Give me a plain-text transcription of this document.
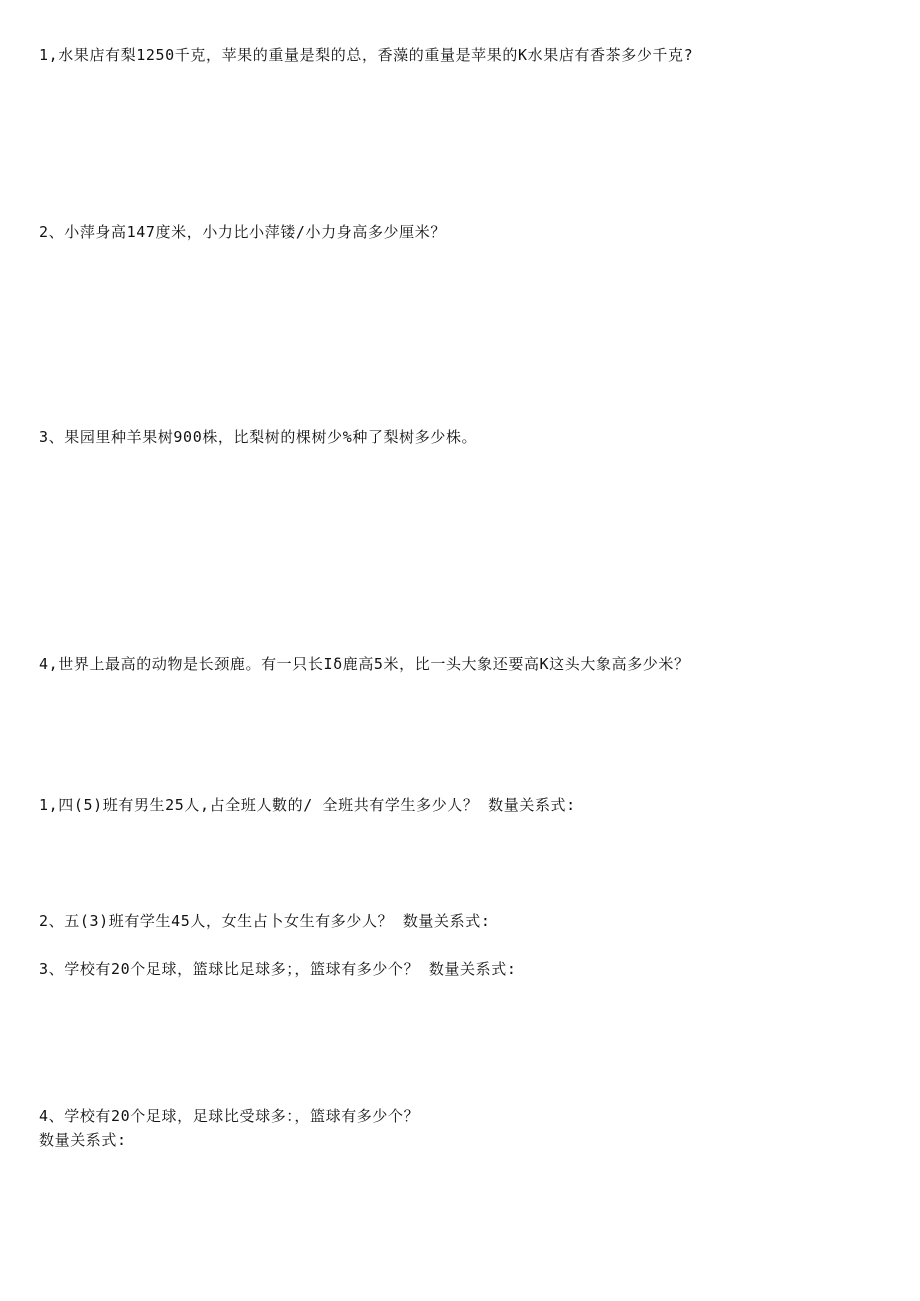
1,水果店有梨1250千克，苹果的重量是梨的总，香藻的重量是苹果的K水果店有香茶多少千克?
2、小萍身高147度米，小力比小萍镂/小力身高多少厘米？
3、果园里种羊果树900株，比梨树的棵树少%种了梨树多少株。
4,世界上最高的动物是长颈鹿。有一只长Iδ鹿高5米，比一头大象还要高K这头大象高多少米？
1,四(5)班有男生25人,占全班人數的/ 全班共有学生多少人？ 数量关系式:
2、五(3)班有学生45人，女生占卜女生有多少人？ 数量关系式:
3、学校有20个足球，篮球比足球多；，篮球有多少个？ 数量关系式:
4、学校有20个足球，足球比受球多：，篮球有多少个？
数量关系式:
